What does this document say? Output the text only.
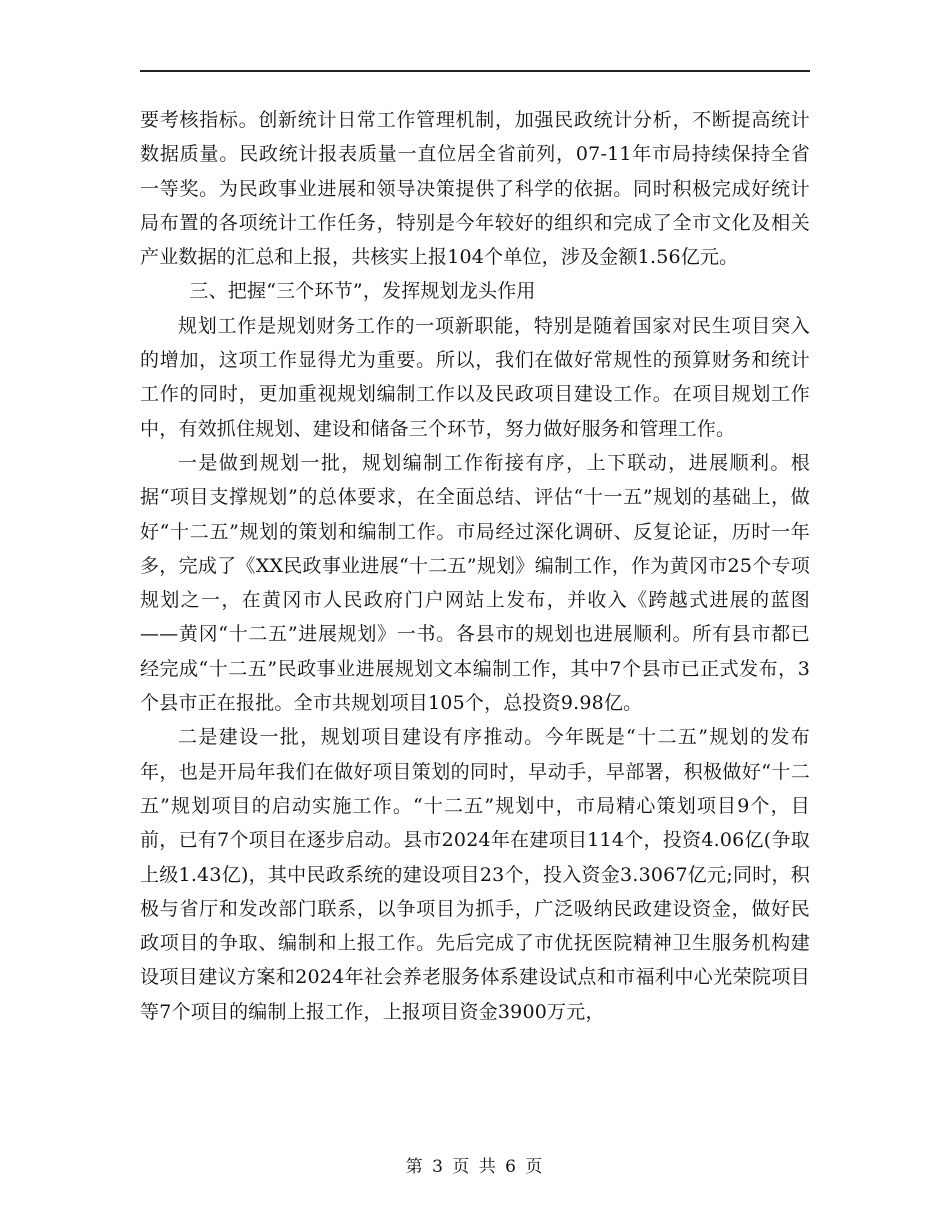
要考核指标。创新统计日常工作管理机制，加强民政统计分析，不断提高统计数据质量。民政统计报表质量一直位居全省前列，07-11年市局持续保持全省一等奖。为民政事业进展和领导决策提供了科学的依据。同时积极完成好统计局布置的各项统计工作任务，特别是今年较好的组织和完成了全市文化及相关产业数据的汇总和上报，共核实上报104个单位，涉及金额1.56亿元。

三、把握“三个环节”，发挥规划龙头作用

规划工作是规划财务工作的一项新职能，特别是随着国家对民生项目突入的增加，这项工作显得尤为重要。所以，我们在做好常规性的预算财务和统计工作的同时，更加重视规划编制工作以及民政项目建设工作。在项目规划工作中，有效抓住规划、建设和储备三个环节，努力做好服务和管理工作。

一是做到规划一批，规划编制工作衔接有序，上下联动，进展顺利。根据“项目支撑规划”的总体要求，在全面总结、评估“十一五”规划的基础上，做好“十二五”规划的策划和编制工作。市局经过深化调研、反复论证，历时一年多，完成了《XX民政事业进展“十二五”规划》编制工作，作为黄冈市25个专项规划之一，在黄冈市人民政府门户网站上发布，并收入《跨越式进展的蓝图——黄冈“十二五”进展规划》一书。各县市的规划也进展顺利。所有县市都已经完成“十二五”民政事业进展规划文本编制工作，其中7个县市已正式发布，3个县市正在报批。全市共规划项目105个，总投资9.98亿。

二是建设一批，规划项目建设有序推动。今年既是“十二五”规划的发布年，也是开局年我们在做好项目策划的同时，早动手，早部署，积极做好“十二五”规划项目的启动实施工作。“十二五”规划中，市局精心策划项目9个，目前，已有7个项目在逐步启动。县市2024年在建项目114个，投资4.06亿(争取上级1.43亿)，其中民政系统的建设项目23个，投入资金3.3067亿元;同时，积极与省厅和发改部门联系，以争项目为抓手，广泛吸纳民政建设资金，做好民政项目的争取、编制和上报工作。先后完成了市优抚医院精神卫生服务机构建设项目建议方案和2024年社会养老服务体系建设试点和市福利中心光荣院项目等7个项目的编制上报工作，上报项目资金3900万元，

第 3 页 共 6 页
